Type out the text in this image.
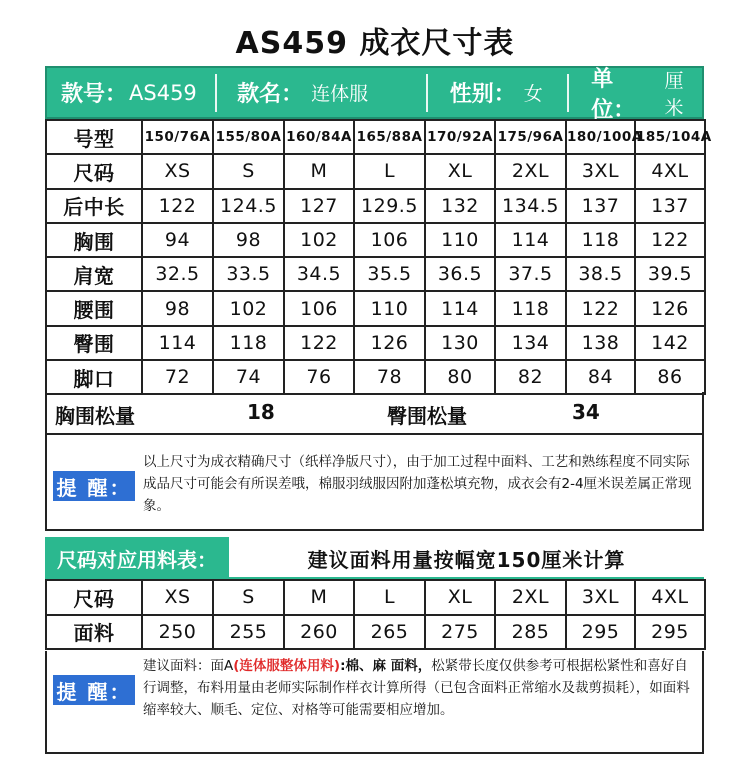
AS459 成衣尺寸表
款号： AS459 款名： 连体服	性别： 女
单位：
厘米
号型	150/76A	155/80A	160/84A	165/88A	170/92A	175/96A	180/100A	185/104A
尺码	XS	S	M	L	XL	2XL	3XL	4XL
后中长	122	124.5	127	129.5	132	134.5	137	137
胸围	94	98	102	106	110	114	118	122
肩宽	32.5	33.5	34.5	35.5	36.5	37.5	38.5	39.5
腰围	98	102	106	110	114	118	122	126
臀围	114	118	122	126	130	134	138	142
脚口	72	74	76	78	80	82	84	86
胸围松量	18	臀围松量	34
提 醒：
以上尺寸为成衣精确尺寸（纸样净版尺寸），由于加工过程中面料、工艺和熟练程度不同实际成品尺寸可能会有所误差哦，棉服羽绒服因附加蓬松填充物，成衣会有2-4厘米误差属正常现象。
尺码对应用料表：	建议面料用量按幅宽150厘米计算
尺码	XS	S	M	L	XL	2XL	3XL	4XL
面料	250	255	260	265	275	285	295	295
提 醒：
建议面料：面A(连体服整体用料):棉、麻 面料，松紧带长度仅供参考可根据松紧性和喜好自行调整，布料用量由老师实际制作样衣计算所得（已包含面料正常缩水及裁剪损耗），如面料缩率较大、顺毛、定位、对格等可能需要相应增加。
